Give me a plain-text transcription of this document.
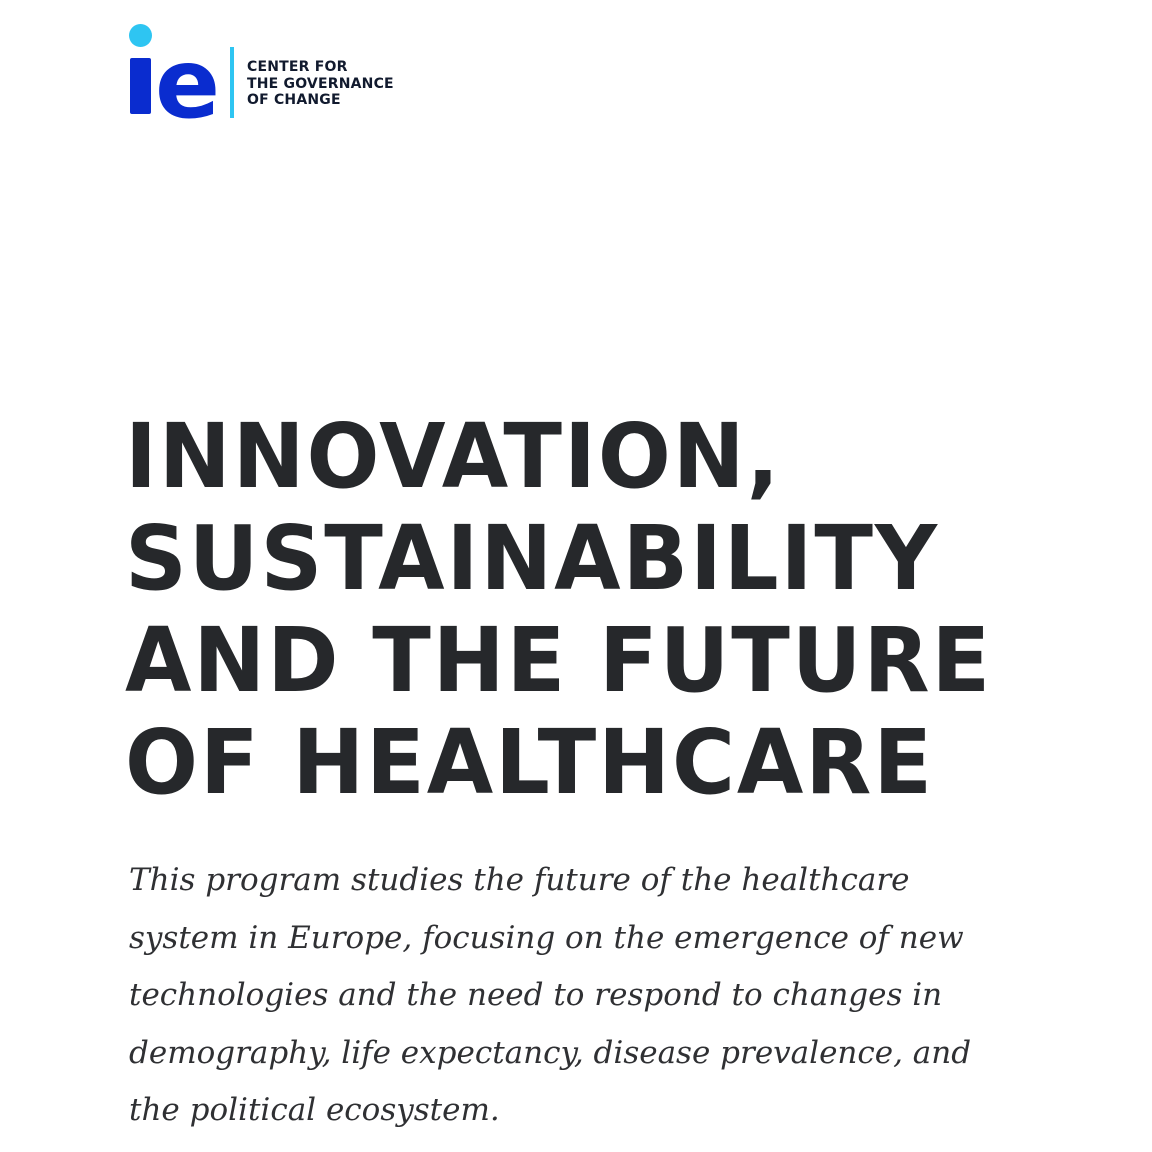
e CENTER FOR
THE GOVERNANCE
OF CHANGE
INNOVATION,
SUSTAINABILITY
AND THE FUTURE
OF HEALTHCARE

This program studies the future of the healthcare
system in Europe, focusing on the emergence of new
technologies and the need to respond to changes in
demography, life expectancy, disease prevalence, and
the political ecosystem.
